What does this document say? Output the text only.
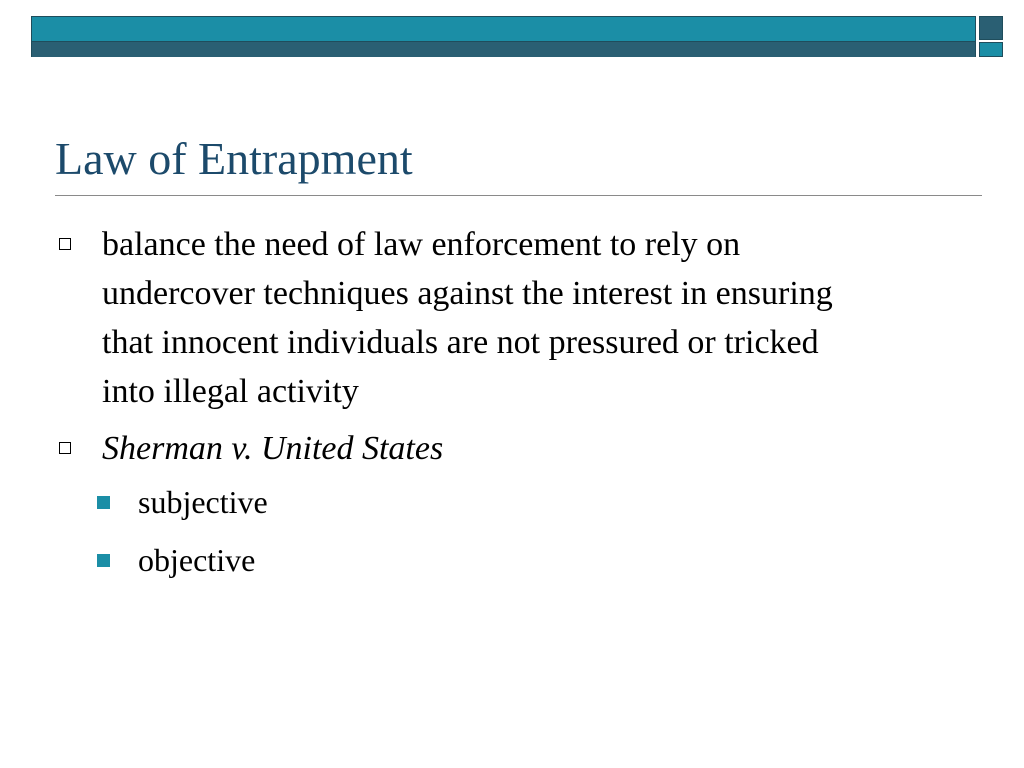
Law of Entrapment
balance the need of law enforcement to rely on undercover techniques against the interest in ensuring that innocent individuals are not pressured or tricked into illegal activity
Sherman v. United States
subjective
objective
